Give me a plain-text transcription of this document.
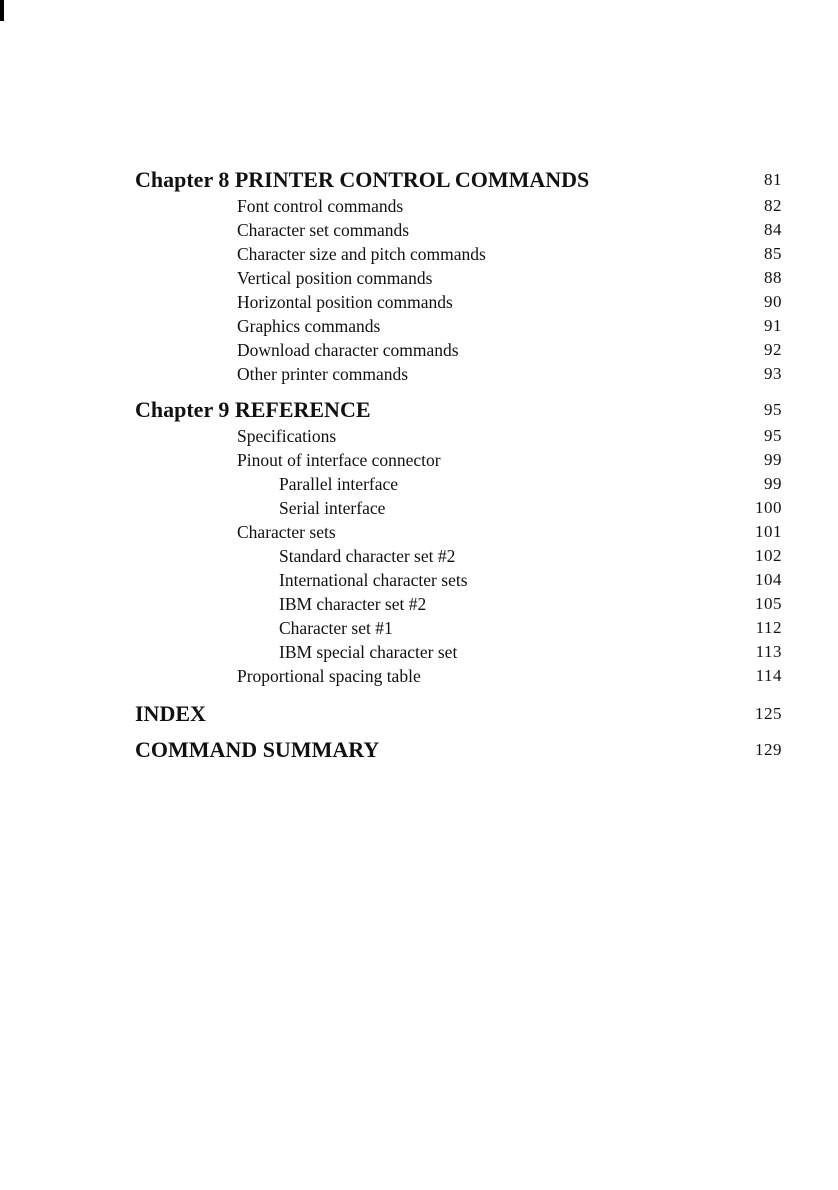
Chapter 8 PRINTER CONTROL COMMANDS	81
Font control commands	82
Character set commands	84
Character size and pitch commands	85
Vertical position commands	88
Horizontal position commands	90
Graphics commands	91
Download character commands	92
Other printer commands	93
Chapter 9 REFERENCE	95
Specifications	95
Pinout of interface connector	99
Parallel interface	99
Serial interface	100
Character sets	101
Standard character set #2	102
International character sets	104
IBM character set #2	105
Character set #1	112
IBM special character set	113
Proportional spacing table	114
INDEX	125
COMMAND SUMMARY	129
